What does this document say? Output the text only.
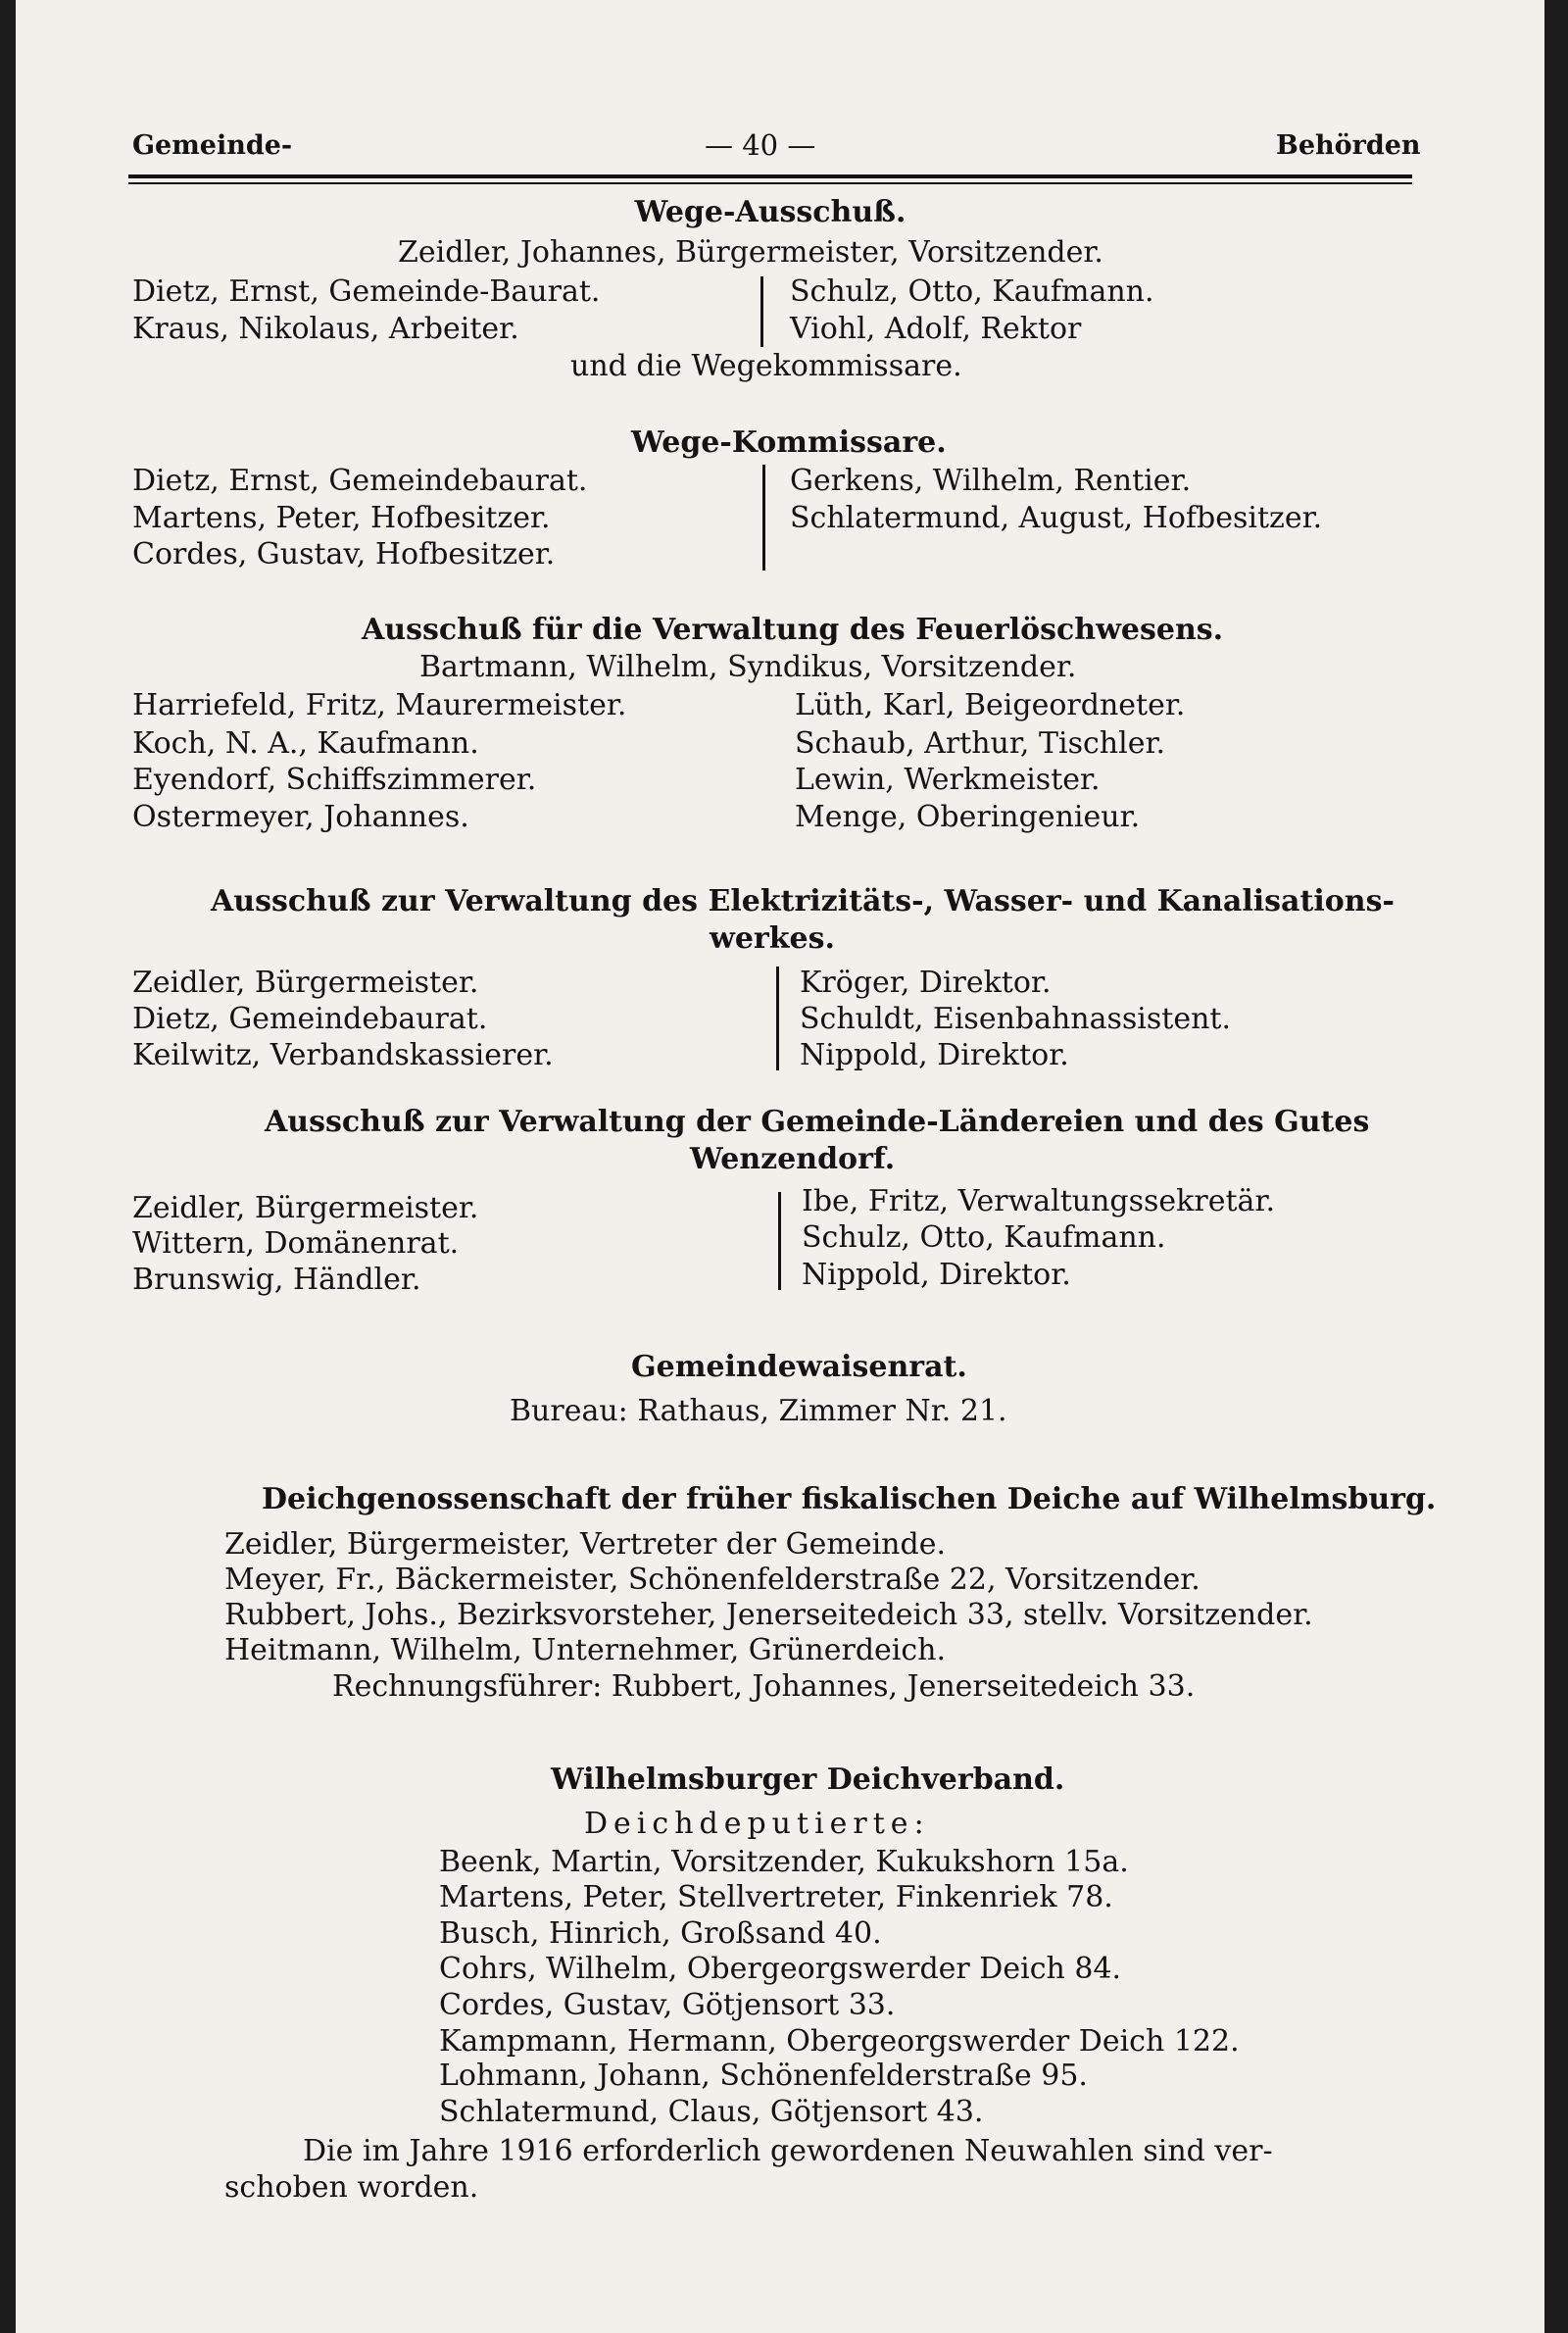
Gemeinde-	— 40 —	Behörden
Wege-Ausschuß.
Zeidler, Johannes, Bürgermeister, Vorsitzender.
Dietz, Ernst, Gemeinde-Baurat.
Kraus, Nikolaus, Arbeiter.
Schulz, Otto, Kaufmann.
Viohl, Adolf, Rektor
und die Wegekommissare.
Wege-Kommissare.
Dietz, Ernst, Gemeindebaurat.
Martens, Peter, Hofbesitzer.
Cordes, Gustav, Hofbesitzer.
Gerkens, Wilhelm, Rentier.
Schlatermund, August, Hofbesitzer.
Ausschuß für die Verwaltung des Feuerlöschwesens.
Bartmann, Wilhelm, Syndikus, Vorsitzender.
Harriefeld, Fritz, Maurermeister.
Koch, N. A., Kaufmann.
Eyendorf, Schiffszimmerer.
Ostermeyer, Johannes.
Lüth, Karl, Beigeordneter.
Schaub, Arthur, Tischler.
Lewin, Werkmeister.
Menge, Oberingenieur.
Ausschuß zur Verwaltung des Elektrizitäts-, Wasser- und Kanalisations-
werkes.
Zeidler, Bürgermeister.
Dietz, Gemeindebaurat.
Keilwitz, Verbandskassierer.
Kröger, Direktor.
Schuldt, Eisenbahnassistent.
Nippold, Direktor.
Ausschuß zur Verwaltung der Gemeinde-Ländereien und des Gutes
Wenzendorf.
Zeidler, Bürgermeister.
Wittern, Domänenrat.
Brunswig, Händler.
Ibe, Fritz, Verwaltungssekretär.
Schulz, Otto, Kaufmann.
Nippold, Direktor.
Gemeindewaisenrat.
Bureau: Rathaus, Zimmer Nr. 21.
Deichgenossenschaft der früher fiskalischen Deiche auf Wilhelmsburg.
Zeidler, Bürgermeister, Vertreter der Gemeinde.
Meyer, Fr., Bäckermeister, Schönenfelderstraße 22, Vorsitzender.
Rubbert, Johs., Bezirksvorsteher, Jenerseitedeich 33, stellv. Vorsitzender.
Heitmann, Wilhelm, Unternehmer, Grünerdeich.
Rechnungsführer: Rubbert, Johannes, Jenerseitedeich 33.
Wilhelmsburger Deichverband.
Deichdeputierte:
Beenk, Martin, Vorsitzender, Kukukshorn 15a.
Martens, Peter, Stellvertreter, Finkenriek 78.
Busch, Hinrich, Großsand 40.
Cohrs, Wilhelm, Obergeorgswerder Deich 84.
Cordes, Gustav, Götjensort 33.
Kampmann, Hermann, Obergeorgswerder Deich 122.
Lohmann, Johann, Schönenfelderstraße 95.
Schlatermund, Claus, Götjensort 43.
Die im Jahre 1916 erforderlich gewordenen Neuwahlen sind ver-
schoben worden.
